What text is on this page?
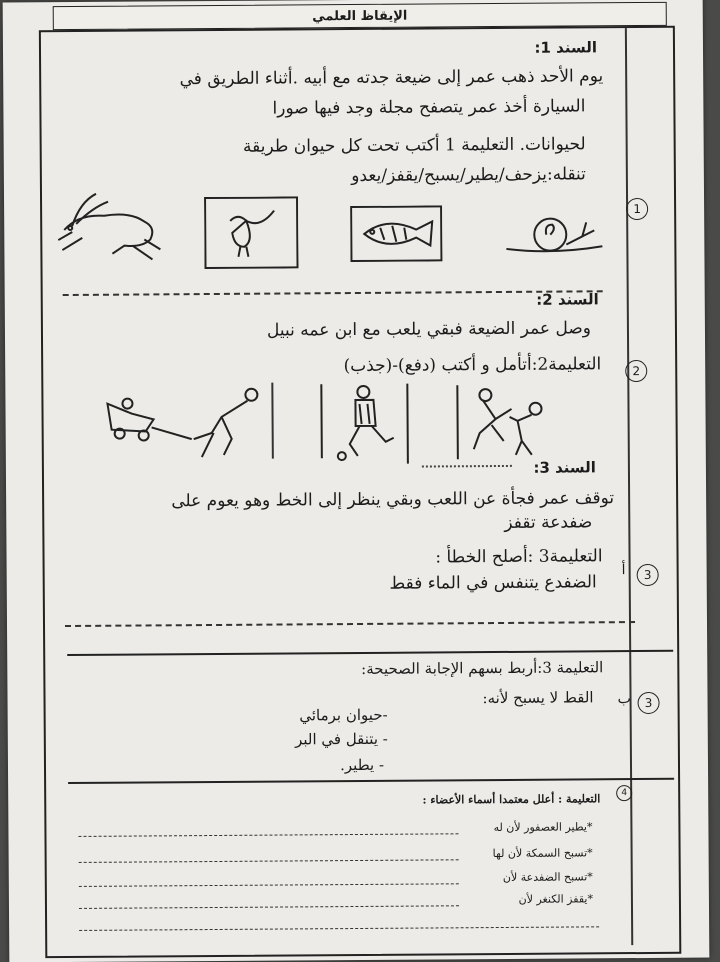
الإيقاظ العلمي
1
2
3
أ
3
ب
4
السند 1:
يوم الأحد ذهب عمر إلى ضيعة جدته مع أبيه .أثناء الطريق في
السيارة أخذ عمر يتصفح مجلة وجد فيها صورا
لحيوانات. التعليمة 1 أكتب تحت كل حيوان طريقة
تنقله:يزحف/يطير/يسبح/يقفز/يعدو
السند 2:
وصل عمر الضيعة فبقي يلعب مع ابن عمه نبيل
التعليمة2:أتأمل و أكتب (دفع)-(جذب)
السند 3:
توقف عمر فجأة عن اللعب وبقي ينظر إلى الخط وهو يعوم على
ضفدعة تقفز
التعليمة3 :أصلح الخطأ :
الضفدع يتنفس في الماء فقط
التعليمة 3:أربط بسهم الإجابة الصحيحة:
القط لا يسبح لأنه:
-حيوان برمائي
- يتنقل في البر
- يطير.
التعليمة : أعلل معتمدا أسماء الأعضاء :
*يطير العصفور لأن له
*تسبح السمكة لأن لها
*تسبح الضفدعة لأن
*يقفز الكنغر لأن
